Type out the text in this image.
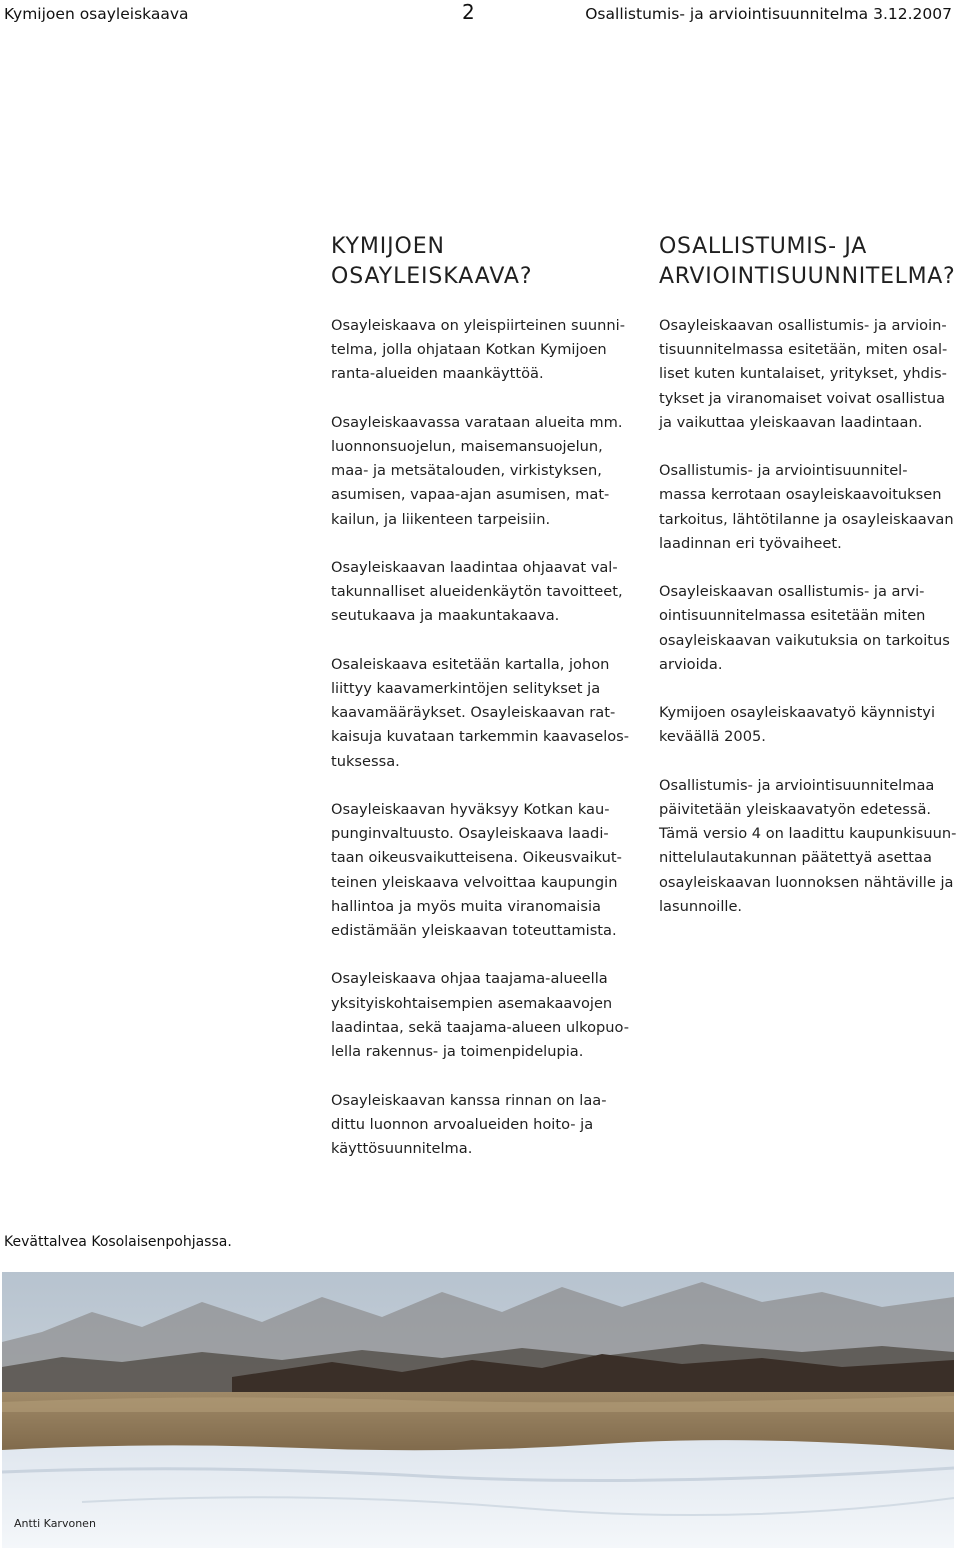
Kymijoen osayleiskaava	2	Osallistumis- ja arviointisuunnitelma 3.12.2007
KYMIJOEN
OSAYLEISKAAVA?
Osayleiskaava on yleispiirteinen suunni-
telma, jolla ohjataan Kotkan Kymijoen
ranta-alueiden maankäyttöä.

Osayleiskaavassa varataan alueita mm.
luonnonsuojelun, maisemansuojelun,
maa- ja metsätalouden, virkistyksen,
asumisen, vapaa-ajan asumisen, mat-
kailun, ja liikenteen tarpeisiin.

Osayleiskaavan laadintaa ohjaavat val-
takunnalliset alueidenkäytön tavoitteet,
seutukaava ja maakuntakaava.

Osaleiskaava esitetään kartalla, johon
liittyy kaavamerkintöjen selitykset ja
kaavamääräykset. Osayleiskaavan rat-
kaisuja kuvataan tarkemmin kaavaselos-
tuksessa.

Osayleiskaavan hyväksyy Kotkan kau-
punginvaltuusto. Osayleiskaava laadi-
taan oikeusvaikutteisena. Oikeusvaikut-
teinen yleiskaava velvoittaa kaupungin
hallintoa ja myös muita viranomaisia
edistämään yleiskaavan toteuttamista.

Osayleiskaava ohjaa taajama-alueella
yksityiskohtaisempien asemakaavojen
laadintaa, sekä taajama-alueen ulkopuo-
lella rakennus- ja toimenpidelupia.

Osayleiskaavan kanssa rinnan on laa-
dittu luonnon arvoalueiden hoito- ja
käyttösuunnitelma.
OSALLISTUMIS- JA
ARVIOINTISUUNNITELMA?
Osayleiskaavan osallistumis- ja arvioin-
tisuunnitelmassa esitetään, miten osal-
liset kuten kuntalaiset, yritykset, yhdis-
tykset ja viranomaiset voivat osallistua
ja vaikuttaa yleiskaavan laadintaan.

Osallistumis- ja arviointisuunnitel-
massa kerrotaan osayleiskaavoituksen
tarkoitus, lähtötilanne ja osayleiskaavan
laadinnan eri työvaiheet.

Osayleiskaavan osallistumis- ja arvi-
ointisuunnitelmassa esitetään miten
osayleiskaavan vaikutuksia on tarkoitus
arvioida.

Kymijoen osayleiskaavatyö käynnistyi
keväällä 2005.

Osallistumis- ja arviointisuunnitelmaa
päivitetään yleiskaavatyön edetessä.
Tämä versio 4 on laadittu kaupunkisuun-
nittelulautakunnan päätettyä asettaa
osayleiskaavan luonnoksen nähtäville ja
lasunnoille.
Kevättalvea Kosolaisenpohjassa.
Antti Karvonen
